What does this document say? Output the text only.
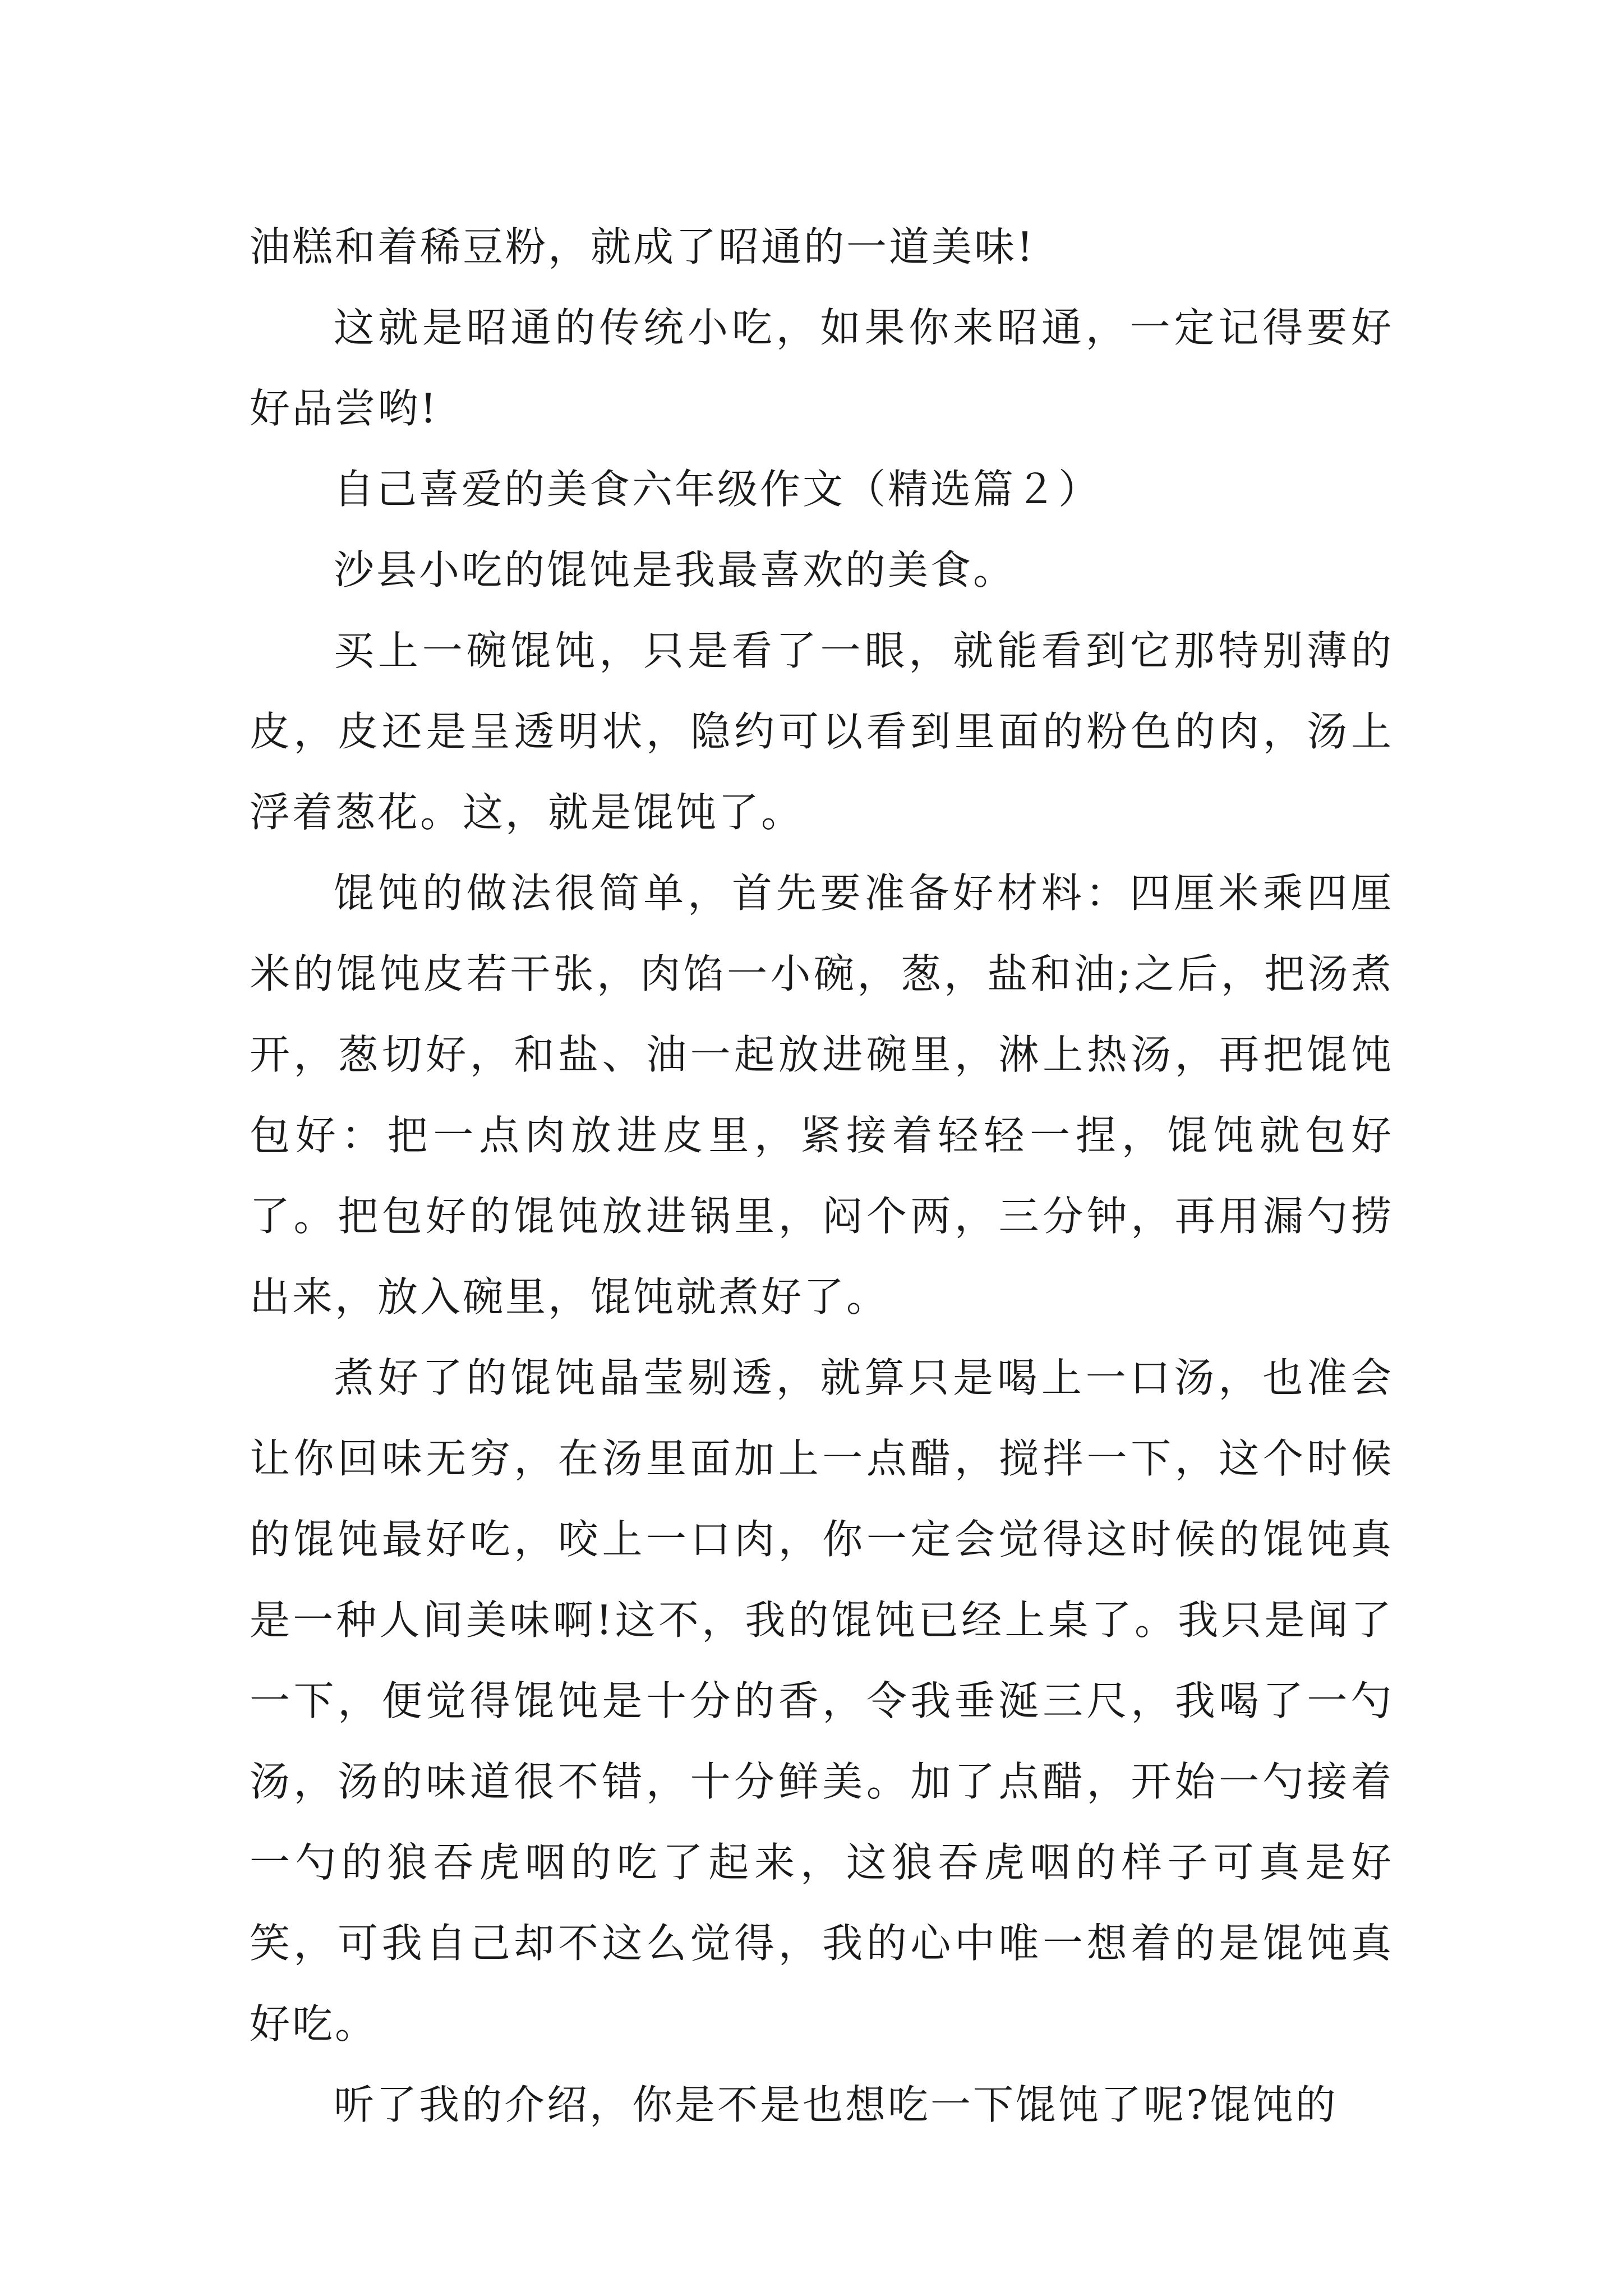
油糕和着稀豆粉，就成了昭通的一道美味!

这就是昭通的传统小吃，如果你来昭通，一定记得要好好品尝哟!

自己喜爱的美食六年级作文（精选篇２）

沙县小吃的馄饨是我最喜欢的美食。

买上一碗馄饨，只是看了一眼，就能看到它那特别薄的皮，皮还是呈透明状，隐约可以看到里面的粉色的肉，汤上浮着葱花。这，就是馄饨了。

馄饨的做法很简单，首先要准备好材料：四厘米乘四厘米的馄饨皮若干张，肉馅一小碗，葱，盐和油;之后，把汤煮开，葱切好，和盐、油一起放进碗里，淋上热汤，再把馄饨包好：把一点肉放进皮里，紧接着轻轻一捏，馄饨就包好了。把包好的馄饨放进锅里，闷个两，三分钟，再用漏勺捞出来，放入碗里，馄饨就煮好了。

煮好了的馄饨晶莹剔透，就算只是喝上一口汤，也准会让你回味无穷，在汤里面加上一点醋，搅拌一下，这个时候的馄饨最好吃，咬上一口肉，你一定会觉得这时候的馄饨真是一种人间美味啊!这不，我的馄饨已经上桌了。我只是闻了一下，便觉得馄饨是十分的香，令我垂涎三尺，我喝了一勺汤，汤的味道很不错，十分鲜美。加了点醋，开始一勺接着一勺的狼吞虎咽的吃了起来，这狼吞虎咽的样子可真是好笑，可我自己却不这么觉得，我的心中唯一想着的是馄饨真好吃。

听了我的介绍，你是不是也想吃一下馄饨了呢?馄饨的
